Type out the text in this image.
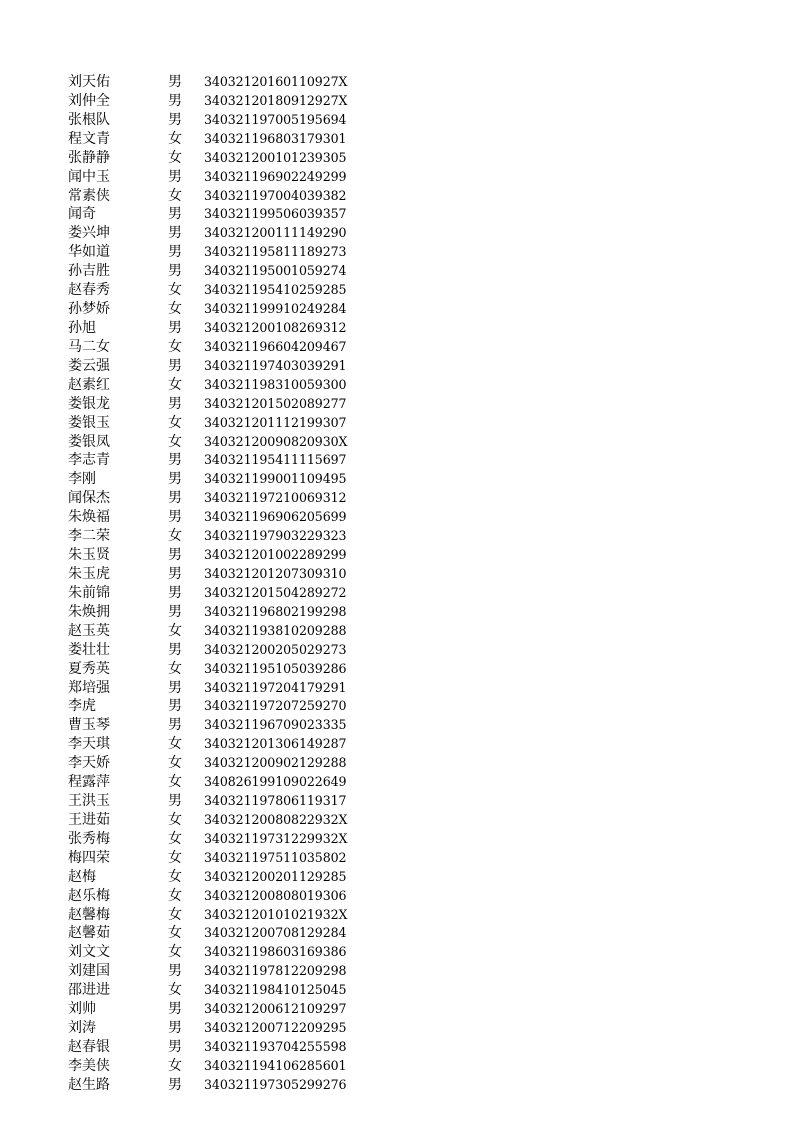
刘天佑	男	34032120160110927X
刘仲全	男	34032120180912927X
张根队	男	340321197005195694
程文青	女	340321196803179301
张静静	女	340321200101239305
闻中玉	男	340321196902249299
常素侠	女	340321197004039382
闻奇	男	340321199506039357
娄兴坤	男	340321200111149290
华如道	男	340321195811189273
孙吉胜	男	340321195001059274
赵春秀	女	340321195410259285
孙梦娇	女	340321199910249284
孙旭	男	340321200108269312
马二女	女	340321196604209467
娄云强	男	340321197403039291
赵素红	女	340321198310059300
娄银龙	男	340321201502089277
娄银玉	女	340321201112199307
娄银凤	女	34032120090820930X
李志青	男	340321195411115697
李刚	男	340321199001109495
闻保杰	男	340321197210069312
朱焕福	男	340321196906205699
李二荣	女	340321197903229323
朱玉贤	男	340321201002289299
朱玉虎	男	340321201207309310
朱前锦	男	340321201504289272
朱焕拥	男	340321196802199298
赵玉英	女	340321193810209288
娄壮壮	男	340321200205029273
夏秀英	女	340321195105039286
郑培强	男	340321197204179291
李虎	男	340321197207259270
曹玉琴	男	340321196709023335
李天琪	女	340321201306149287
李天娇	女	340321200902129288
程露萍	女	340826199109022649
王洪玉	男	340321197806119317
王进茹	女	34032120080822932X
张秀梅	女	34032119731229932X
梅四荣	女	340321197511035802
赵梅	女	340321200201129285
赵乐梅	女	340321200808019306
赵馨梅	女	34032120101021932X
赵馨茹	女	340321200708129284
刘文文	女	340321198603169386
刘建国	男	340321197812209298
邵进进	女	340321198410125045
刘帅	男	340321200612109297
刘涛	男	340321200712209295
赵春银	男	340321193704255598
李美侠	女	340321194106285601
赵生路	男	340321197305299276
